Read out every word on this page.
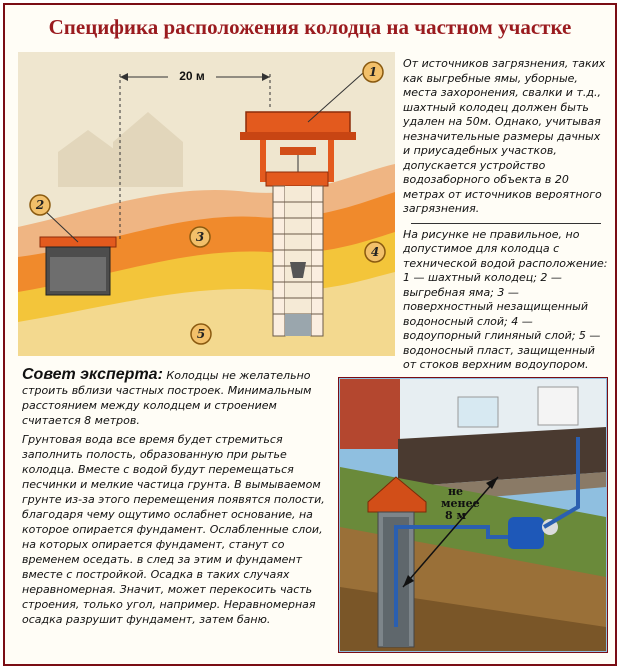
Специфика расположения колодца на частном участке
20 м	1
2
3
4
5

От источников загрязнения, таких как выгребные ямы, уборные, места захоронения, свалки и т.д., шахтный колодец должен быть удален на 50м. Однако, учитывая незначительные размеры дачных и приусадебных участков, допускается устройство водозаборного объекта в 20 метрах от источников вероятного загрязнения.

На рисунке не правильное, но допустимое для колодца с технической водой расположение: 1 — шахтный колодец; 2 — выгребная яма; 3 — поверхностный незащищенный водоносный слой; 4 — водоупорный глиняный слой; 5 — водоносный пласт, защищенный от стоков верхним водоупором.

Совет эксперта: Колодцы не желательно строить вблизи частных построек. Минимальным расстоянием между колодцем и строением считается 8 метров.

Грунтовая вода все время будет стремиться заполнить полость, образованную при рытье колодца. Вместе с водой будут перемещаться песчинки и мелкие частица грунта. В вымываемом грунте из-за этого перемещения появятся полости, благодаря чему ощутимо ослабнет основание, на которое опирается фундамент. Ослабленные слои, на которых опирается фундамент, станут со временем оседать. в след за этим и фундамент вместе с постройкой. Осадка в таких случаях неравномерная. Значит, может перекосить часть строения, только угол, например. Неравномерная осадка разрушит фундамент, затем баню.

не
менее
8 м
